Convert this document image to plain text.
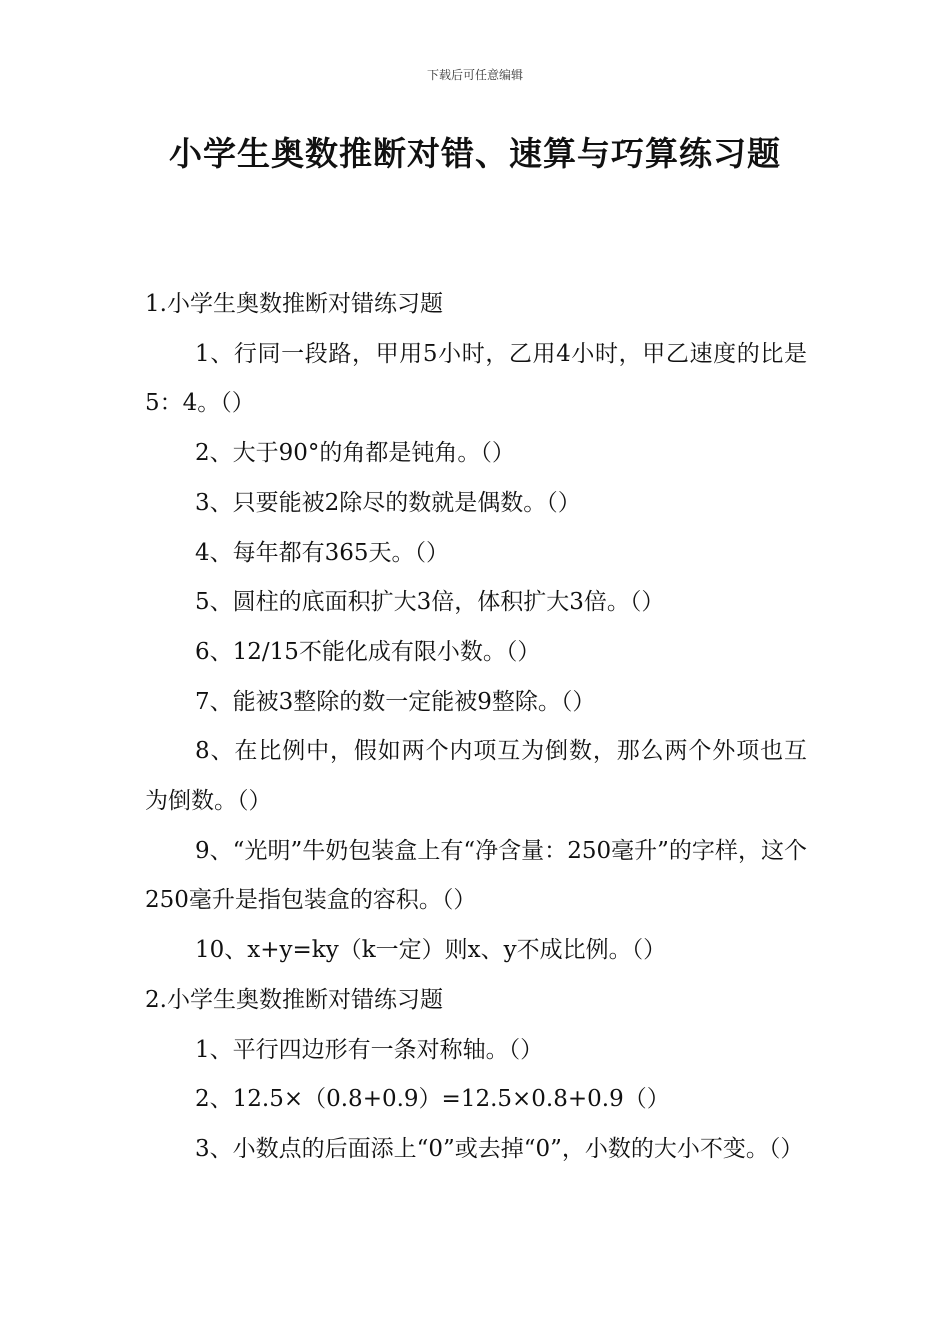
下载后可任意编辑
小学生奥数推断对错、速算与巧算练习题

1.小学生奥数推断对错练习题

1、行同一段路，甲用5小时，乙用4小时，甲乙速度的比是5：4。（）

2、大于90°的角都是钝角。（）

3、只要能被2除尽的数就是偶数。（）

4、每年都有365天。（）

5、圆柱的底面积扩大3倍，体积扩大3倍。（）

6、12/15不能化成有限小数。（）

7、能被3整除的数一定能被9整除。（）

8、在比例中，假如两个内项互为倒数，那么两个外项也互为倒数。（）

9、“光明”牛奶包装盒上有“净含量：250毫升”的字样，这个250毫升是指包装盒的容积。（）

10、x+y=ky（k一定）则x、y不成比例。（）

2.小学生奥数推断对错练习题

1、平行四边形有一条对称轴。（）

2、12.5×（0.8+0.9）=12.5×0.8+0.9（）

3、小数点的后面添上“0”或去掉“0”，小数的大小不变。（）
